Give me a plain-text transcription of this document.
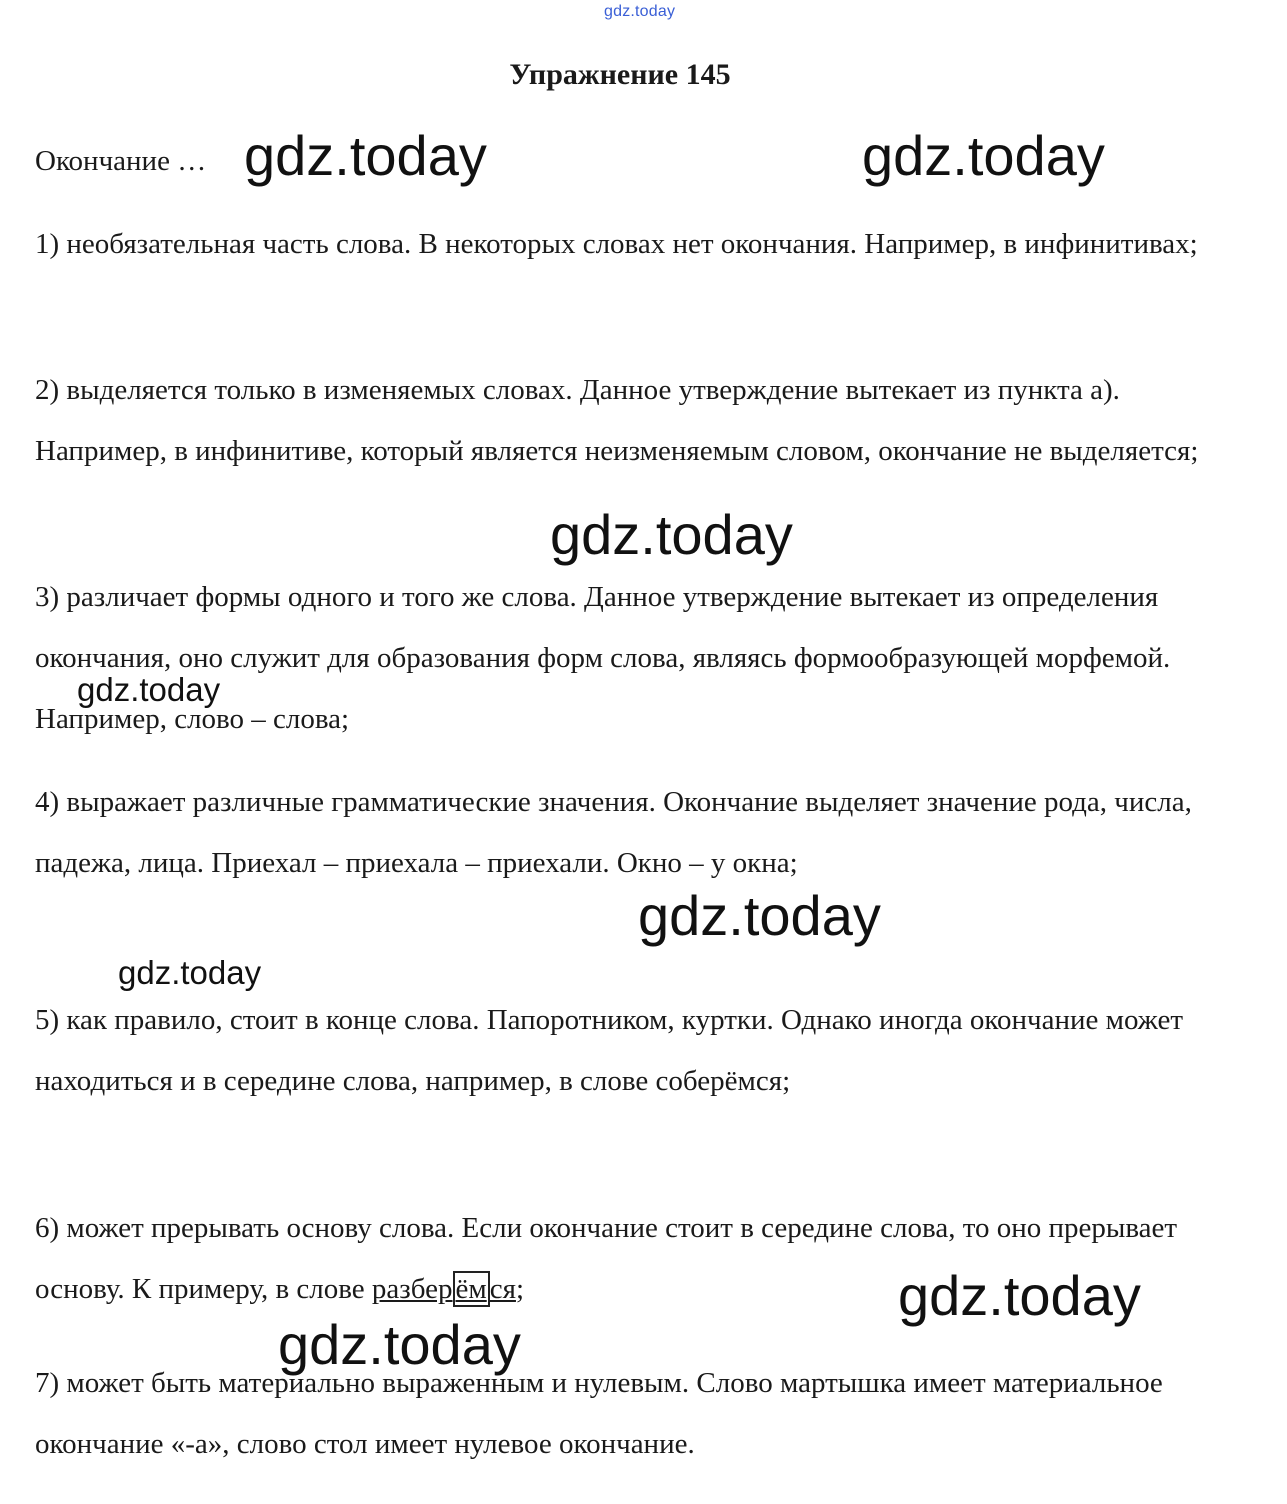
gdz.today
Упражнение 145
Окончание …

1) необязательная часть слова. В некоторых словах нет окончания. Например, в инфинитивах;

2) выделяется только в изменяемых словах. Данное утверждение вытекает из пункта а). Например, в инфинитиве, который является неизменяемым словом, окончание не выделяется;

3) различает формы одного и того же слова. Данное утверждение вытекает из определения окончания, оно служит для образования форм слова, являясь формообразующей морфемой. Например, слово – слова;

4) выражает различные грамматические значения. Окончание выделяет значение рода, числа, падежа, лица. Приехал – приехала – приехали. Окно – у окна;

5) как правило, стоит в конце слова. Папоротником, куртки. Однако иногда окончание может находиться и в середине слова, например, в слове соберёмся;

6) может прерывать основу слова. Если окончание стоит в середине слова, то оно прерывает основу. К примеру, в слове разбер ём ся;

7) может быть материально выраженным и нулевым. Слово мартышка имеет материальное окончание «-а», слово стол имеет нулевое окончание.

gdz.today	gdz.today
gdz.today
gdz.today
gdz.today
gdz.today
gdz.today
gdz.today
